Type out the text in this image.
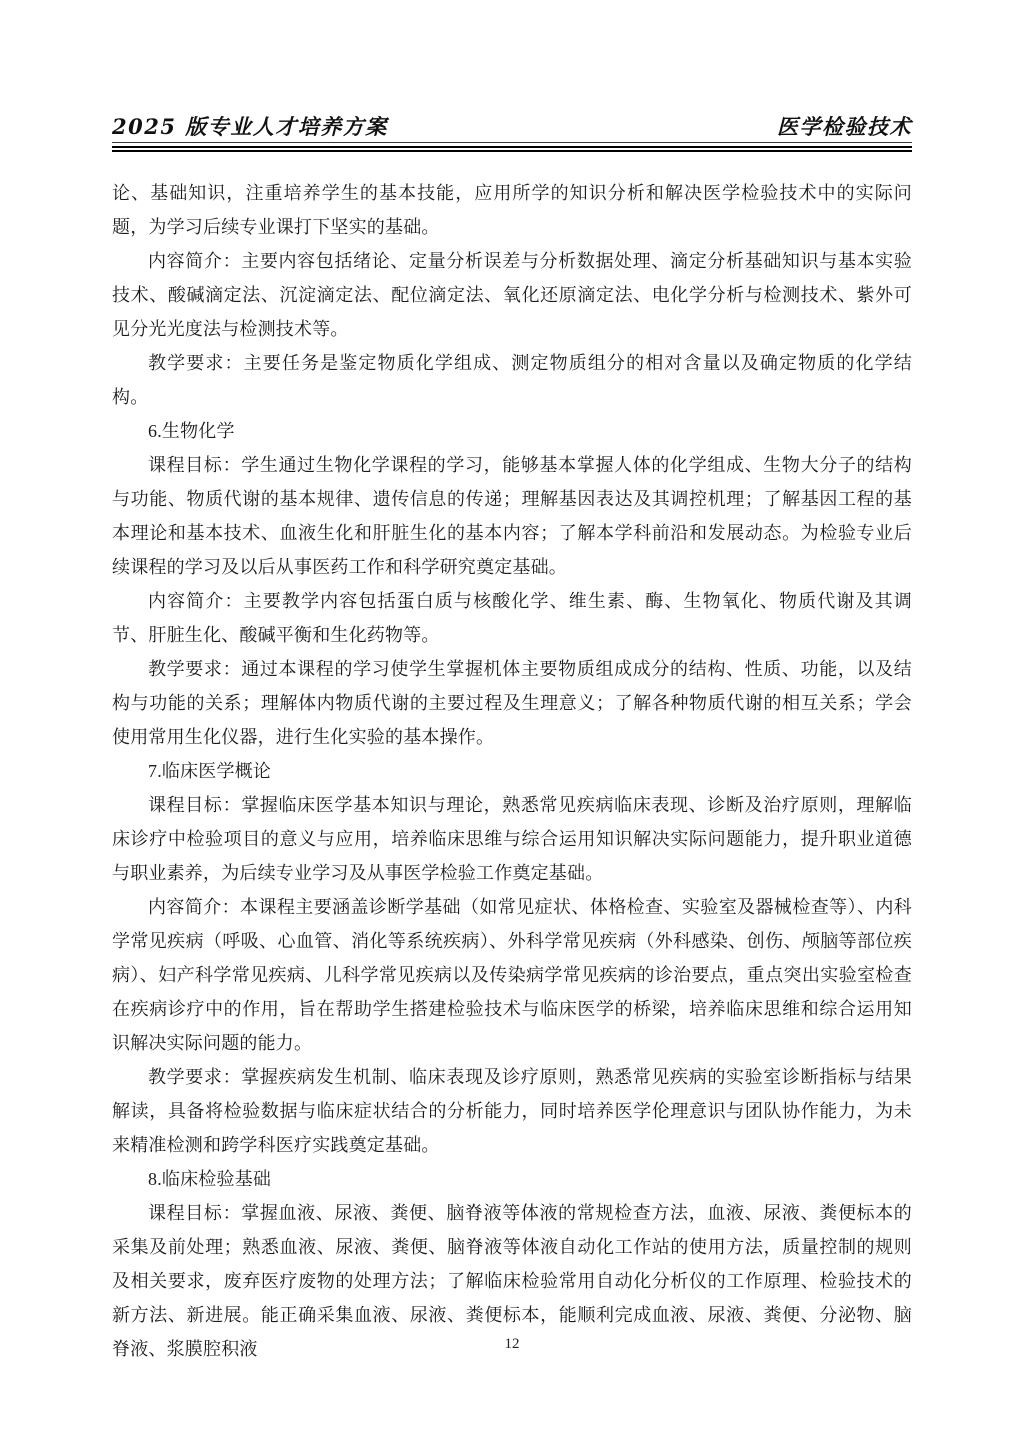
2025 版专业人才培养方案	医学检验技术

论、基础知识，注重培养学生的基本技能，应用所学的知识分析和解决医学检验技术中的实际问题，为学习后续专业课打下坚实的基础。

内容简介：主要内容包括绪论、定量分析误差与分析数据处理、滴定分析基础知识与基本实验技术、酸碱滴定法、沉淀滴定法、配位滴定法、氧化还原滴定法、电化学分析与检测技术、紫外可见分光光度法与检测技术等。

教学要求：主要任务是鉴定物质化学组成、测定物质组分的相对含量以及确定物质的化学结构。

6.生物化学

课程目标：学生通过生物化学课程的学习，能够基本掌握人体的化学组成、生物大分子的结构与功能、物质代谢的基本规律、遗传信息的传递；理解基因表达及其调控机理；了解基因工程的基本理论和基本技术、血液生化和肝脏生化的基本内容；了解本学科前沿和发展动态。为检验专业后续课程的学习及以后从事医药工作和科学研究奠定基础。

内容简介：主要教学内容包括蛋白质与核酸化学、维生素、酶、生物氧化、物质代谢及其调节、肝脏生化、酸碱平衡和生化药物等。

教学要求：通过本课程的学习使学生掌握机体主要物质组成成分的结构、性质、功能，以及结构与功能的关系；理解体内物质代谢的主要过程及生理意义；了解各种物质代谢的相互关系；学会使用常用生化仪器，进行生化实验的基本操作。

7.临床医学概论

课程目标：掌握临床医学基本知识与理论，熟悉常见疾病临床表现、诊断及治疗原则，理解临床诊疗中检验项目的意义与应用，培养临床思维与综合运用知识解决实际问题能力，提升职业道德与职业素养，为后续专业学习及从事医学检验工作奠定基础。

内容简介：本课程主要涵盖诊断学基础（如常见症状、体格检查、实验室及器械检查等）、内科学常见疾病（呼吸、心血管、消化等系统疾病）、外科学常见疾病（外科感染、创伤、颅脑等部位疾病）、妇产科学常见疾病、儿科学常见疾病以及传染病学常见疾病的诊治要点，重点突出实验室检查在疾病诊疗中的作用，旨在帮助学生搭建检验技术与临床医学的桥梁，培养临床思维和综合运用知识解决实际问题的能力。

教学要求：掌握疾病发生机制、临床表现及诊疗原则，熟悉常见疾病的实验室诊断指标与结果解读，具备将检验数据与临床症状结合的分析能力，同时培养医学伦理意识与团队协作能力，为未来精准检测和跨学科医疗实践奠定基础。

8.临床检验基础

课程目标：掌握血液、尿液、粪便、脑脊液等体液的常规检查方法，血液、尿液、粪便标本的采集及前处理；熟悉血液、尿液、粪便、脑脊液等体液自动化工作站的使用方法，质量控制的规则及相关要求，废弃医疗废物的处理方法；了解临床检验常用自动化分析仪的工作原理、检验技术的新方法、新进展。能正确采集血液、尿液、粪便标本，能顺利完成血液、尿液、粪便、分泌物、脑脊液、浆膜腔积液	12
